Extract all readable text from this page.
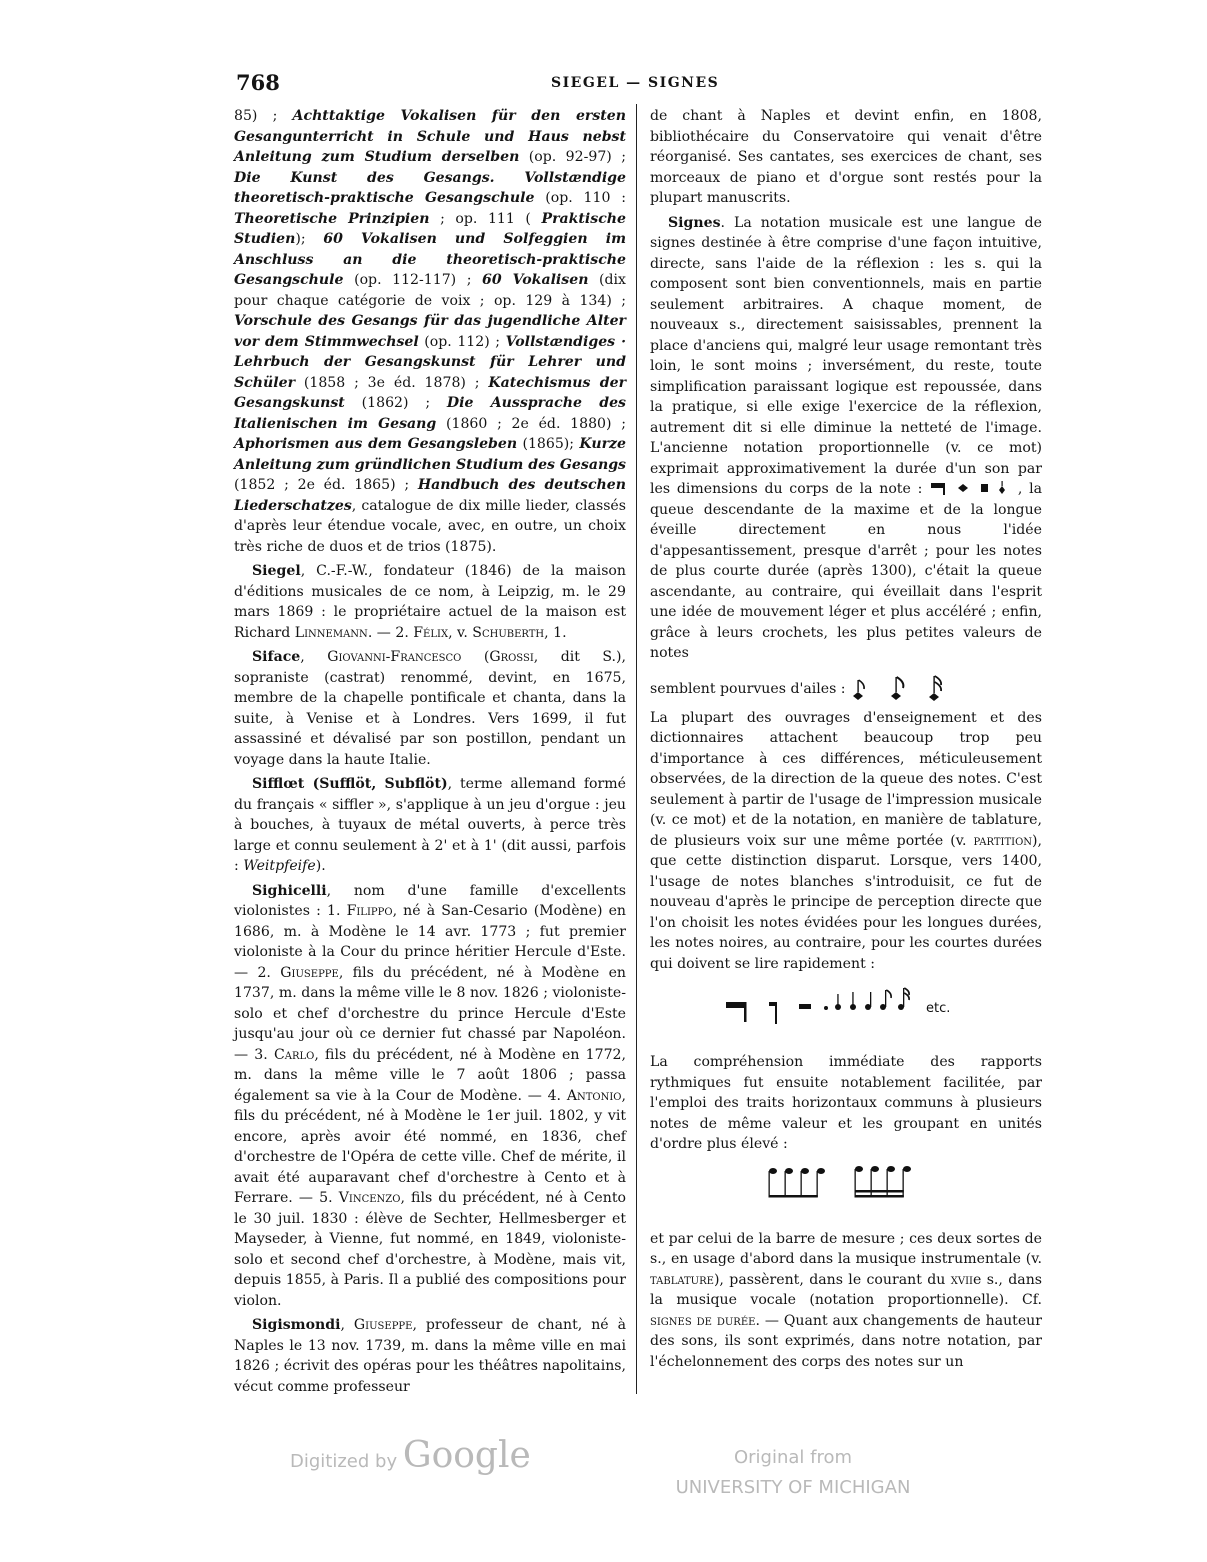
768	SIEGEL — SIGNES

85) ; Achttaktige Vokalisen für den ersten Gesangunterricht in Schule und Haus nebst Anleitung zum Studium derselben (op. 92-97) ; Die Kunst des Gesangs. Vollstændige theoretisch-praktische Gesangschule (op. 110 : Theoretische Prinzipien ; op. 111 ( Praktische Studien); 60 Vokalisen und Solfeggien im Anschluss an die theoretisch-praktische Gesangschule (op. 112-117) ; 60 Vokalisen (dix pour chaque catégorie de voix ; op. 129 à 134) ; Vorschule des Gesangs für das jugendliche Alter vor dem Stimmwechsel (op. 112) ; Vollstændiges · Lehrbuch der Gesangskunst für Lehrer und Schüler (1858 ; 3e éd. 1878) ; Katechismus der Gesangskunst (1862) ; Die Aussprache des Italienischen im Gesang (1860 ; 2e éd. 1880) ; Aphorismen aus dem Gesangsleben (1865); Kurze Anleitung zum gründlichen Studium des Gesangs (1852 ; 2e éd. 1865) ; Handbuch des deutschen Liederschatzes, catalogue de dix mille lieder, classés d'après leur étendue vocale, avec, en outre, un choix très riche de duos et de trios (1875).

Siegel, C.-F.-W., fondateur (1846) de la maison d'éditions musicales de ce nom, à Leipzig, m. le 29 mars 1869 : le propriétaire actuel de la maison est Richard Linnemann. — 2. Félix, v. Schuberth, 1.

Siface, Giovanni-Francesco (Grossi, dit S.), sopraniste (castrat) renommé, devint, en 1675, membre de la chapelle pontificale et chanta, dans la suite, à Venise et à Londres. Vers 1699, il fut assassiné et dévalisé par son postillon, pendant un voyage dans la haute Italie.

Sifflœt (Sufflöt, Subflöt), terme allemand formé du français « siffler », s'applique à un jeu d'orgue : jeu à bouches, à tuyaux de métal ouverts, à perce très large et connu seulement à 2' et à 1' (dit aussi, parfois : Weitpfeife).

Sighicelli, nom d'une famille d'excellents violonistes : 1. Filippo, né à San-Cesario (Modène) en 1686, m. à Modène le 14 avr. 1773 ; fut premier violoniste à la Cour du prince héritier Hercule d'Este. — 2. Giuseppe, fils du précédent, né à Modène en 1737, m. dans la même ville le 8 nov. 1826 ; violoniste-solo et chef d'orchestre du prince Hercule d'Este jusqu'au jour où ce dernier fut chassé par Napoléon. — 3. Carlo, fils du précédent, né à Modène en 1772, m. dans la même ville le 7 août 1806 ; passa également sa vie à la Cour de Modène. — 4. Antonio, fils du précédent, né à Modène le 1er juil. 1802, y vit encore, après avoir été nommé, en 1836, chef d'orchestre de l'Opéra de cette ville. Chef de mérite, il avait été auparavant chef d'orchestre à Cento et à Ferrare. — 5. Vincenzo, fils du précédent, né à Cento le 30 juil. 1830 : élève de Sechter, Hellmesberger et Mayseder, à Vienne, fut nommé, en 1849, violoniste-solo et second chef d'orchestre, à Modène, mais vit, depuis 1855, à Paris. Il a publié des compositions pour violon.

Sigismondi, Giuseppe, professeur de chant, né à Naples le 13 nov. 1739, m. dans la même ville en mai 1826 ; écrivit des opéras pour les théâtres napolitains, vécut comme professeur

de chant à Naples et devint enfin, en 1808, bibliothécaire du Conservatoire qui venait d'être réorganisé. Ses cantates, ses exercices de chant, ses morceaux de piano et d'orgue sont restés pour la plupart manuscrits.

Signes. La notation musicale est une langue de signes destinée à être comprise d'une façon intuitive, directe, sans l'aide de la réflexion : les s. qui la composent sont bien conventionnels, mais en partie seulement arbitraires. A chaque moment, de nouveaux s., directement saisissables, prennent la place d'anciens qui, malgré leur usage remontant très loin, le sont moins ; inversément, du reste, toute simplification paraissant logique est repoussée, dans la pratique, si elle exige l'exercice de la réflexion, autrement dit si elle diminue la netteté de l'image. L'ancienne notation proportionnelle (v. ce mot) exprimait approximativement la durée d'un son par les dimensions du corps de la note :	, la queue descendante de la maxime et de la longue éveille directement en nous l'idée d'appesantissement, presque d'arrêt ; pour les notes de plus courte durée (après 1300), c'était la queue ascendante, au contraire, qui éveillait dans l'esprit une idée de mouvement léger et plus accéléré ; enfin, grâce à leurs crochets, les plus petites valeurs de notes

semblent pourvues d'ailes :

La plupart des ouvrages d'enseignement et des dictionnaires attachent beaucoup trop peu d'importance à ces différences, méticuleusement observées, de la direction de la queue des notes. C'est seulement à partir de l'usage de l'impression musicale (v. ce mot) et de la notation, en manière de tablature, de plusieurs voix sur une même portée (v. partition), que cette distinction disparut. Lorsque, vers 1400, l'usage de notes blanches s'introduisit, ce fut de nouveau d'après le principe de perception directe que l'on choisit les notes évidées pour les longues durées, les notes noires, au contraire, pour les courtes durées qui doivent se lire rapidement :

etc.

La compréhension immédiate des rapports rythmiques fut ensuite notablement facilitée, par l'emploi des traits horizontaux communs à plusieurs notes de même valeur et les groupant en unités d'ordre plus élevé :

et par celui de la barre de mesure ; ces deux sortes de s., en usage d'abord dans la musique instrumentale (v. tablature), passèrent, dans le courant du xviie s., dans la musique vocale (notation proportionnelle). Cf. signes de durée. — Quant aux changements de hauteur des sons, ils sont exprimés, dans notre notation, par l'échelonnement des corps des notes sur un

Digitized by Google	Original from
UNIVERSITY OF MICHIGAN
